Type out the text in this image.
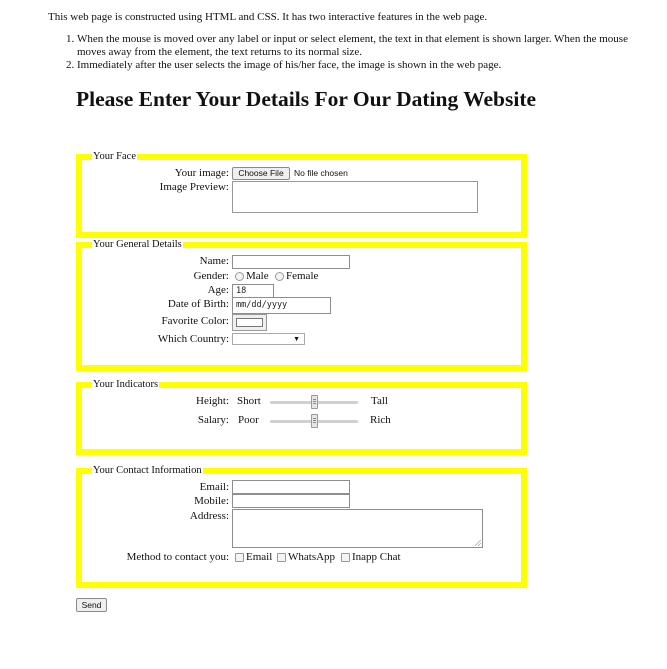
This web page is constructed using HTML and CSS. It has two interactive features in the web page.
1. When the mouse is moved over any label or input or select element, the text in that element is shown larger. When the mouse moves away from the element, the text returns to its normal size.
2. Immediately after the user selects the image of his/her face, the image is shown in the web page.
Please Enter Your Details For Our Dating Website
Your Face
Your image:	Choose File	No file chosen
Image Preview:
Your General Details
Name:
Gender: Male Female
Age: 18
Date of Birth: mm/dd/yyyy
Favorite Color:
Which Country:	▼
Your Indicators
Height: Short	Tall
Salary: Poor	Rich
Your Contact Information
Email:
Mobile:
Address:
Method to contact you: Email WhatsApp Inapp Chat
Send
